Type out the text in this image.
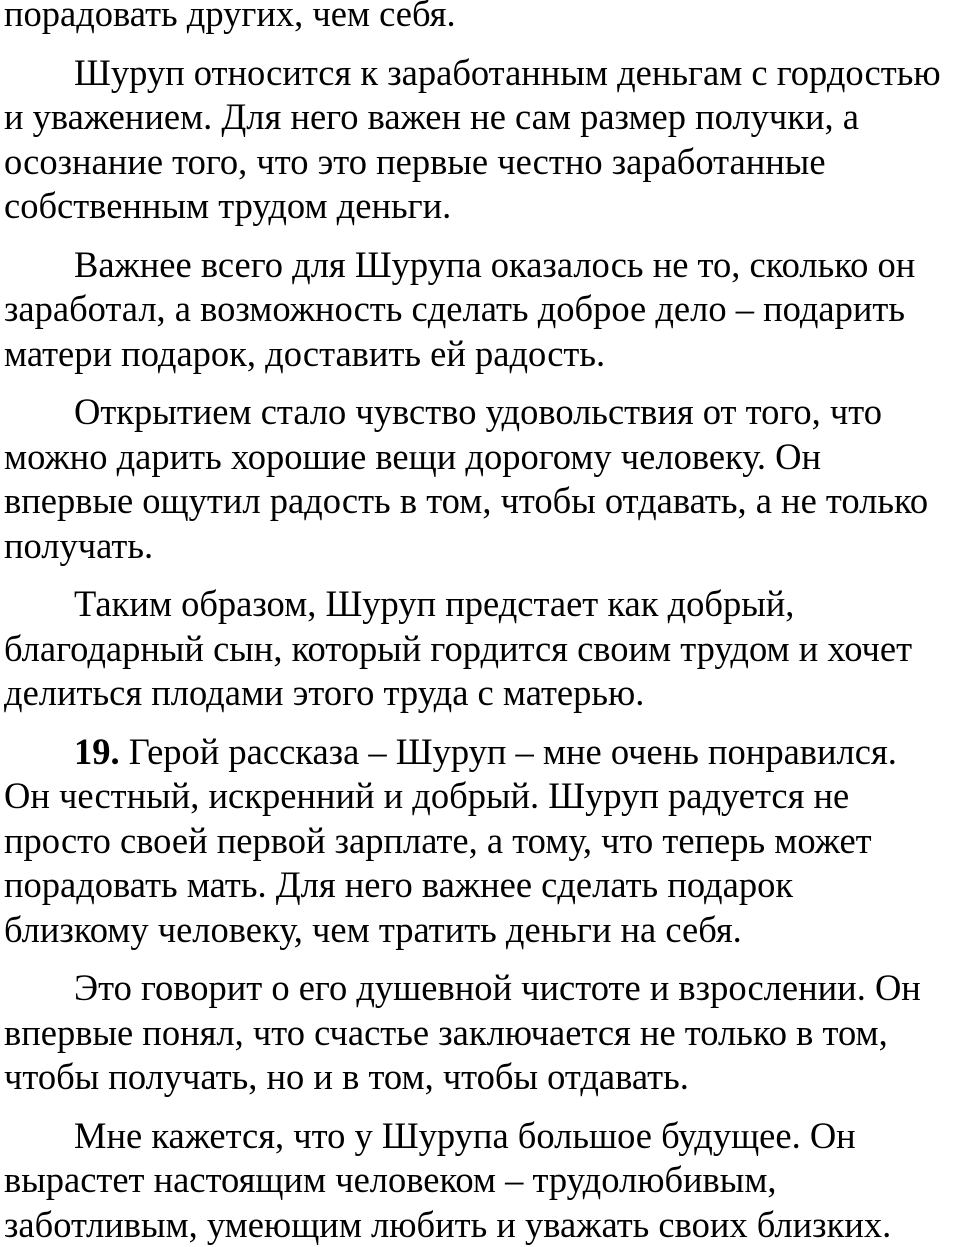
порадовать других, чем себя.

Шуруп относится к заработанным деньгам с гордостью
и уважением. Для него важен не сам размер получки, а
осознание того, что это первые честно заработанные
собственным трудом деньги.

Важнее всего для Шурупа оказалось не то, сколько он
заработал, а возможность сделать доброе дело – подарить
матери подарок, доставить ей радость.

Открытием стало чувство удовольствия от того, что
можно дарить хорошие вещи дорогому человеку. Он
впервые ощутил радость в том, чтобы отдавать, а не только
получать.

Таким образом, Шуруп предстает как добрый,
благодарный сын, который гордится своим трудом и хочет
делиться плодами этого труда с матерью.

19. Герой рассказа – Шуруп – мне очень понравился.
Он честный, искренний и добрый. Шуруп радуется не
просто своей первой зарплате, а тому, что теперь может
порадовать мать. Для него важнее сделать подарок
близкому человеку, чем тратить деньги на себя.

Это говорит о его душевной чистоте и взрослении. Он
впервые понял, что счастье заключается не только в том,
чтобы получать, но и в том, чтобы отдавать.

Мне кажется, что у Шурупа большое будущее. Он
вырастет настоящим человеком – трудолюбивым,
заботливым, умеющим любить и уважать своих близких.
